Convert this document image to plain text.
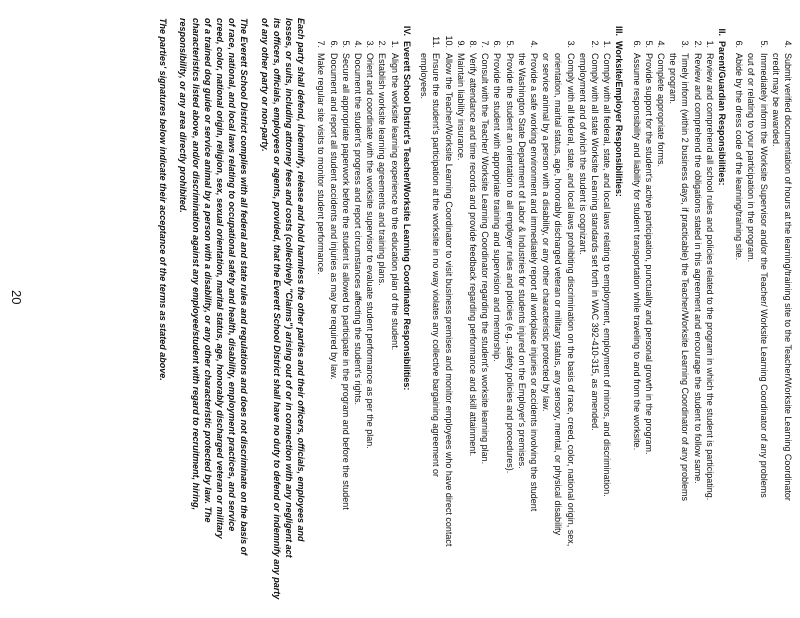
4.
Submit verified documentation of hours at the learning/training site to the Teacher/Worksite Learning Coordinator
credit may be awarded.
5.
Immediately inform the Worksite Supervisor and/or the Teacher/ Worksite Learning Coordinator of any problems
out of or relating to your participation in the program.
6.
Abide by the dress code of the learning/training site.
II.
Parent/Guardian Responsibilities:
1.
Review and comprehend all school rules and policies related to the program in which the student is participating.
2.
Review and comprehend the obligations stated in this agreement and encourage the student to follow same.
3.
Timely inform (within 2 business days, if practicable) the Teacher/Worksite Learning Coordinator of any problems
the program.
4.
Complete appropriate forms.
5.
Provide support for the student's active participation, punctuality and personal growth in the program.
6.
Assume responsibility and liability for student transportation while traveling to and from the worksite.
III.
Worksite/Employer Responsibilities:
1.
Comply with all federal, state, and local laws relating to employment, employment of minors, and discrimination.
2.
Comply with all state Worksite Learning standards set forth in WAC 392-410-315, as amended.
employment and of which the student is cognizant.
3.
Comply with all federal, state, and local laws prohibiting discrimination on the basis of race, creed, color, national origin, sex,
orientation, marital status, age, honorably discharged veteran or military status, any sensory, mental, or physical disability
or service animal by a person with a disability, or any other characteristic protected by law.
4.
Provide a safe working environment and immediately report all workplace injuries or accidents involving the student
the Washington State Department of Labor & Industries for students injured on the Employer's premises.
5.
Provide the student an orientation to all employer rules and policies (e.g., safety policies and procedures).
6.
Provide the student with appropriate training and supervision and mentorship.
7.
Consult with the Teacher/ Worksite Learning Coordinator regarding the student's worksite learning plan.
8.
Verify attendance and time records and provide feedback regarding performance and skill attainment.
9.
Maintain liability insurance.
10.
Allow the Teacher/Worksite Learning Coordinator to visit business premises and monitor employees who have direct contact
11.
Ensure the student's participation at the worksite in no way violates any collective bargaining agreement or
employees.
IV.
Everett School District's Teacher/Worksite Learning Coordinator Responsibilities:
1.
Align the worksite learning experience to the education plan of the student.
2.
Establish worksite learning agreements and training plans.
3.
Orient and coordinate with the worksite supervisor to evaluate student performance as per the plan.
4.
Document the student's progress and report circumstances affecting the student's rights.
5.
Secure all appropriate paperwork before the student is allowed to participate in the program and before the student
6.
Document and report all student accidents and injuries as may be required by law.
7.
Make regular site visits to monitor student performance.
Each party shall defend, indemnify, release and hold harmless the other parties and their officers, officials, employees and
losses, or suits, including attorney fees and costs (collectively "Claims") arising out of or in connection with any negligent act
its officers, officials, employees or agents, provided, that the Everett School District shall have no duty to defend or indemnify any party
of any other party or non-party.
The Everett School District complies with all federal and state rules and regulations and does not discriminate on the basis of
of race, national, and local laws relating to occupational safety and health, disability, employment practices, and service
creed, color, national origin, religion, sex, sexual orientation, marital status, age, honorably discharged veteran or military
of a trained dog guide or service animal by a person with a disability, or any other characteristic protected by law. The
characteristics listed above, and/or discrimination against any employee/student with regard to recruitment, hiring,
responsibility, or any area directly prohibited.
The parties' signatures below indicate their acceptance of the terms as stated above.
20
